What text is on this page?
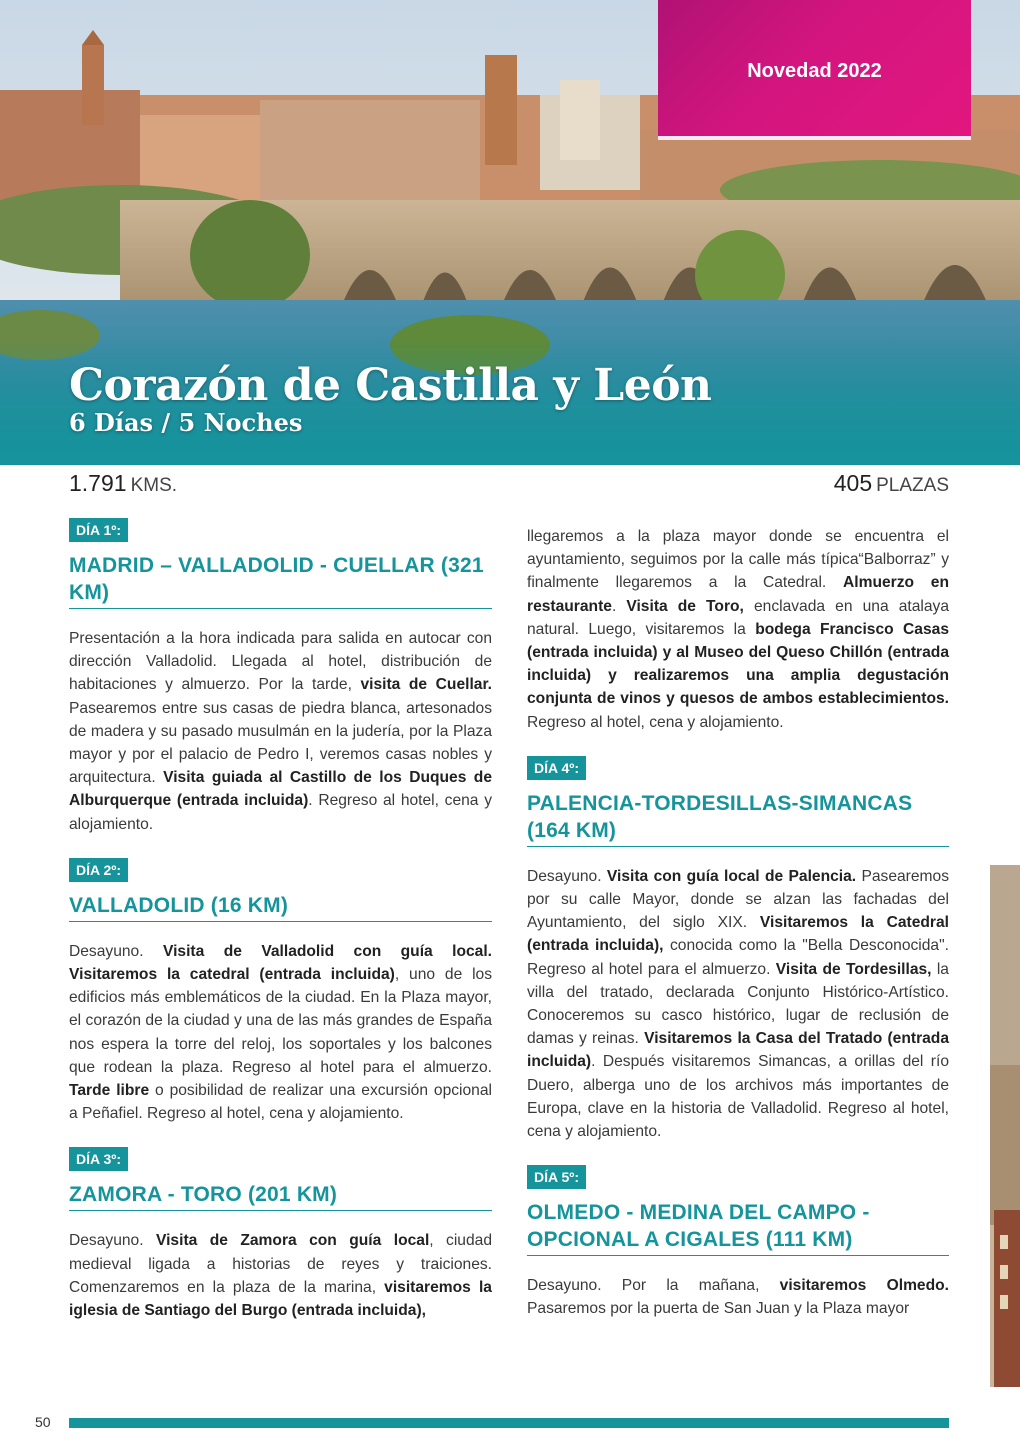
Corazón de Castilla y León
6 Días / 5 Noches
Novedad 2022
1.791 KMS.	405 PLAZAS
DÍA 1º:
MADRID – VALLADOLID - CUELLAR (321 KM)

Presentación a la hora indicada para salida en autocar con dirección Valladolid. Llegada al hotel, distribución de habitaciones y almuerzo. Por la tarde, visita de Cuellar. Pasearemos entre sus casas de piedra blanca, artesonados de madera y su pasado musulmán en la judería, por la Plaza mayor y por el palacio de Pedro I, veremos casas nobles y arquitectura. Visita guiada al Castillo de los Duques de Alburquerque (entrada incluida). Regreso al hotel, cena y alojamiento.

DÍA 2º:
VALLADOLID (16 KM)

Desayuno. Visita de Valladolid con guía local. Visitaremos la catedral (entrada incluida), uno de los edificios más emblemáticos de la ciudad. En la Plaza mayor, el corazón de la ciudad y una de las más grandes de España nos espera la torre del reloj, los soportales y los balcones que rodean la plaza. Regreso al hotel para el almuerzo. Tarde libre o posibilidad de realizar una excursión opcional a Peñafiel. Regreso al hotel, cena y alojamiento.

DÍA 3º:
ZAMORA - TORO (201 KM)

Desayuno. Visita de Zamora con guía local, ciudad medieval ligada a historias de reyes y traiciones. Comenzaremos en la plaza de la marina, visitaremos la iglesia de Santiago del Burgo (entrada incluida),

llegaremos a la plaza mayor donde se encuentra el ayuntamiento, seguimos por la calle más típica“Balborraz” y finalmente llegaremos a la Catedral. Almuerzo en restaurante. Visita de Toro, enclavada en una atalaya natural. Luego, visitaremos la bodega Francisco Casas (entrada incluida) y al Museo del Queso Chillón (entrada incluida) y realizaremos una amplia degustación conjunta de vinos y quesos de ambos establecimientos. Regreso al hotel, cena y alojamiento.

DÍA 4º:
PALENCIA-TORDESILLAS-SIMANCAS (164 KM)

Desayuno. Visita con guía local de Palencia. Pasearemos por su calle Mayor, donde se alzan las fachadas del Ayuntamiento, del siglo XIX. Visitaremos la Catedral (entrada incluida), conocida como la "Bella Desconocida". Regreso al hotel para el almuerzo. Visita de Tordesillas, la villa del tratado, declarada Conjunto Histórico-Artístico. Conoceremos su casco histórico, lugar de reclusión de damas y reinas. Visitaremos la Casa del Tratado (entrada incluida). Después visitaremos Simancas, a orillas del río Duero, alberga uno de los archivos más importantes de Europa, clave en la historia de Valladolid. Regreso al hotel, cena y alojamiento.

DÍA 5º:
OLMEDO - MEDINA DEL CAMPO -OPCIONAL A CIGALES (111 KM)

Desayuno. Por la mañana, visitaremos Olmedo. Pasaremos por la puerta de San Juan y la Plaza mayor

50
